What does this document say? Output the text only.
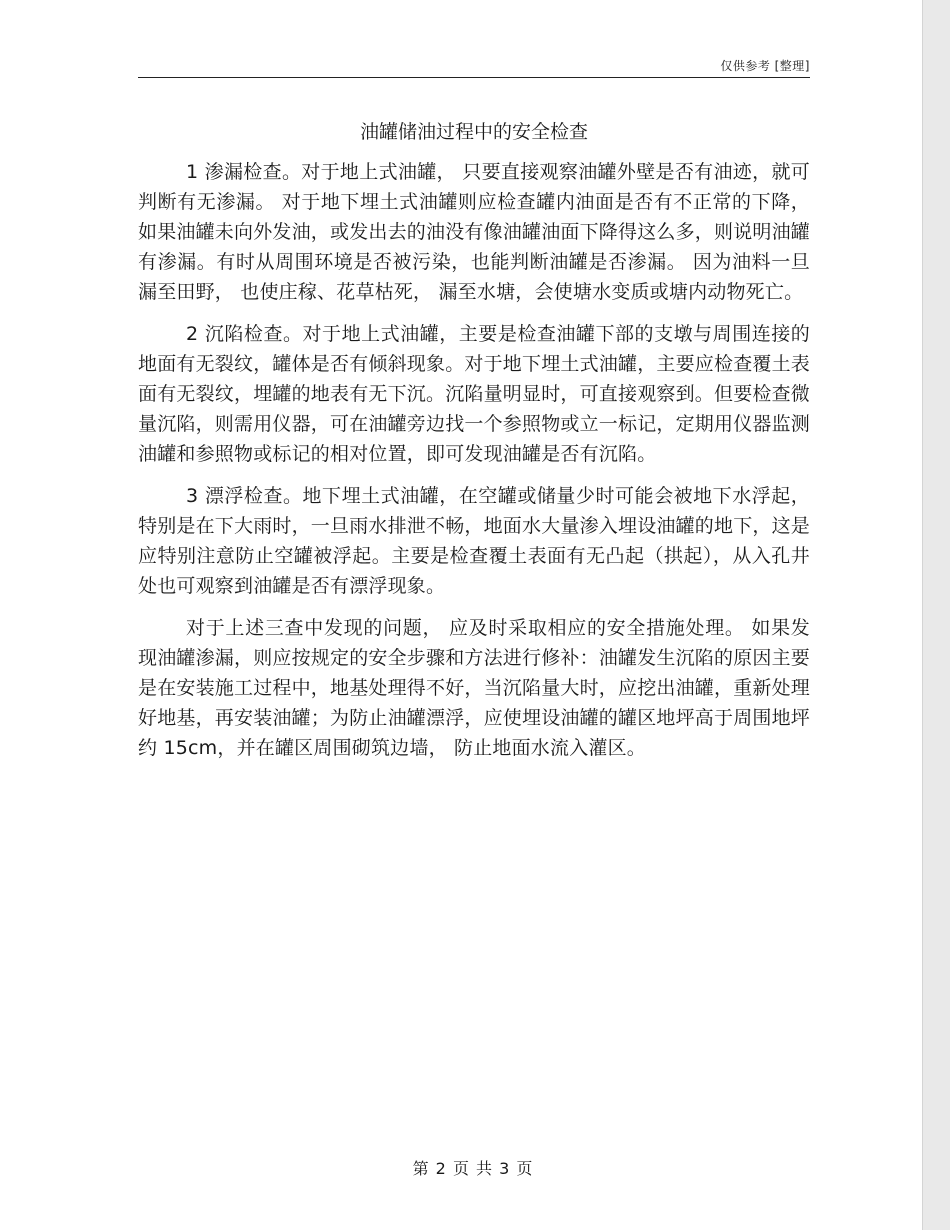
仅供参考 [整理]
油罐储油过程中的安全检查

1 渗漏检查。对于地上式油罐， 只要直接观察油罐外壁是否有油迹，就可判断有无渗漏。 对于地下埋土式油罐则应检查罐内油面是否有不正常的下降，如果油罐未向外发油，或发出去的油没有像油罐油面下降得这么多，则说明油罐有渗漏。有时从周围环境是否被污染，也能判断油罐是否渗漏。 因为油料一旦漏至田野， 也使庄稼、花草枯死， 漏至水塘，会使塘水变质或塘内动物死亡。

2 沉陷检查。对于地上式油罐，主要是检查油罐下部的支墩与周围连接的地面有无裂纹，罐体是否有倾斜现象。对于地下埋土式油罐，主要应检查覆土表面有无裂纹，埋罐的地表有无下沉。沉陷量明显时，可直接观察到。但要检查微量沉陷，则需用仪器，可在油罐旁边找一个参照物或立一标记，定期用仪器监测油罐和参照物或标记的相对位置，即可发现油罐是否有沉陷。

3 漂浮检查。地下埋土式油罐，在空罐或储量少时可能会被地下水浮起，特别是在下大雨时，一旦雨水排泄不畅，地面水大量渗入埋设油罐的地下，这是应特别注意防止空罐被浮起。主要是检查覆土表面有无凸起（拱起），从入孔井处也可观察到油罐是否有漂浮现象。

对于上述三查中发现的问题， 应及时采取相应的安全措施处理。 如果发现油罐渗漏，则应按规定的安全步骤和方法进行修补：油罐发生沉陷的原因主要是在安装施工过程中，地基处理得不好，当沉陷量大时，应挖出油罐，重新处理好地基，再安装油罐；为防止油罐漂浮，应使埋设油罐的罐区地坪高于周围地坪约 15cm，并在罐区周围砌筑边墙， 防止地面水流入灌区。

第 2 页 共 3 页
